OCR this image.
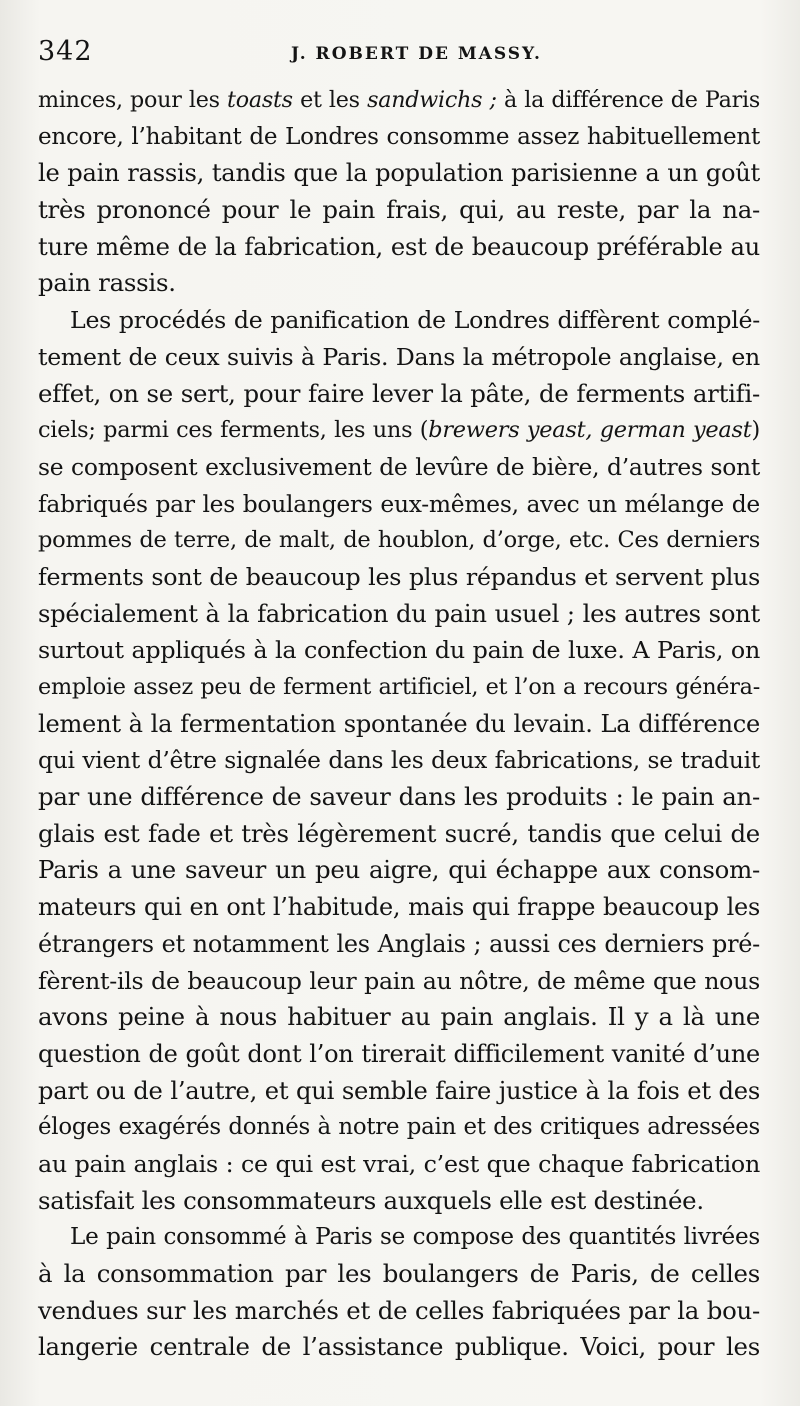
342	J. ROBERT DE MASSY.
minces, pour les toasts et les sandwichs ; à la différence de Paris
encore, l’habitant de Londres consomme assez habituellement
le pain rassis, tandis que la population parisienne a un goût
très prononcé pour le pain frais, qui, au reste, par la na-
ture même de la fabrication, est de beaucoup préférable au
pain rassis.
Les procédés de panification de Londres diffèrent complé-
tement de ceux suivis à Paris. Dans la métropole anglaise, en
effet, on se sert, pour faire lever la pâte, de ferments artifi-
ciels; parmi ces ferments, les uns (brewers yeast, german yeast)
se composent exclusivement de levûre de bière, d’autres sont
fabriqués par les boulangers eux-mêmes, avec un mélange de
pommes de terre, de malt, de houblon, d’orge, etc. Ces derniers
ferments sont de beaucoup les plus répandus et servent plus
spécialement à la fabrication du pain usuel ; les autres sont
surtout appliqués à la confection du pain de luxe. A Paris, on
emploie assez peu de ferment artificiel, et l’on a recours généra-
lement à la fermentation spontanée du levain. La différence
qui vient d’être signalée dans les deux fabrications, se traduit
par une différence de saveur dans les produits : le pain an-
glais est fade et très légèrement sucré, tandis que celui de
Paris a une saveur un peu aigre, qui échappe aux consom-
mateurs qui en ont l’habitude, mais qui frappe beaucoup les
étrangers et notamment les Anglais ; aussi ces derniers pré-
fèrent-ils de beaucoup leur pain au nôtre, de même que nous
avons peine à nous habituer au pain anglais. Il y a là une
question de goût dont l’on tirerait difficilement vanité d’une
part ou de l’autre, et qui semble faire justice à la fois et des
éloges exagérés donnés à notre pain et des critiques adressées
au pain anglais : ce qui est vrai, c’est que chaque fabrication
satisfait les consommateurs auxquels elle est destinée.
Le pain consommé à Paris se compose des quantités livrées
à la consommation par les boulangers de Paris, de celles
vendues sur les marchés et de celles fabriquées par la bou-
langerie centrale de l’assistance publique. Voici, pour les
